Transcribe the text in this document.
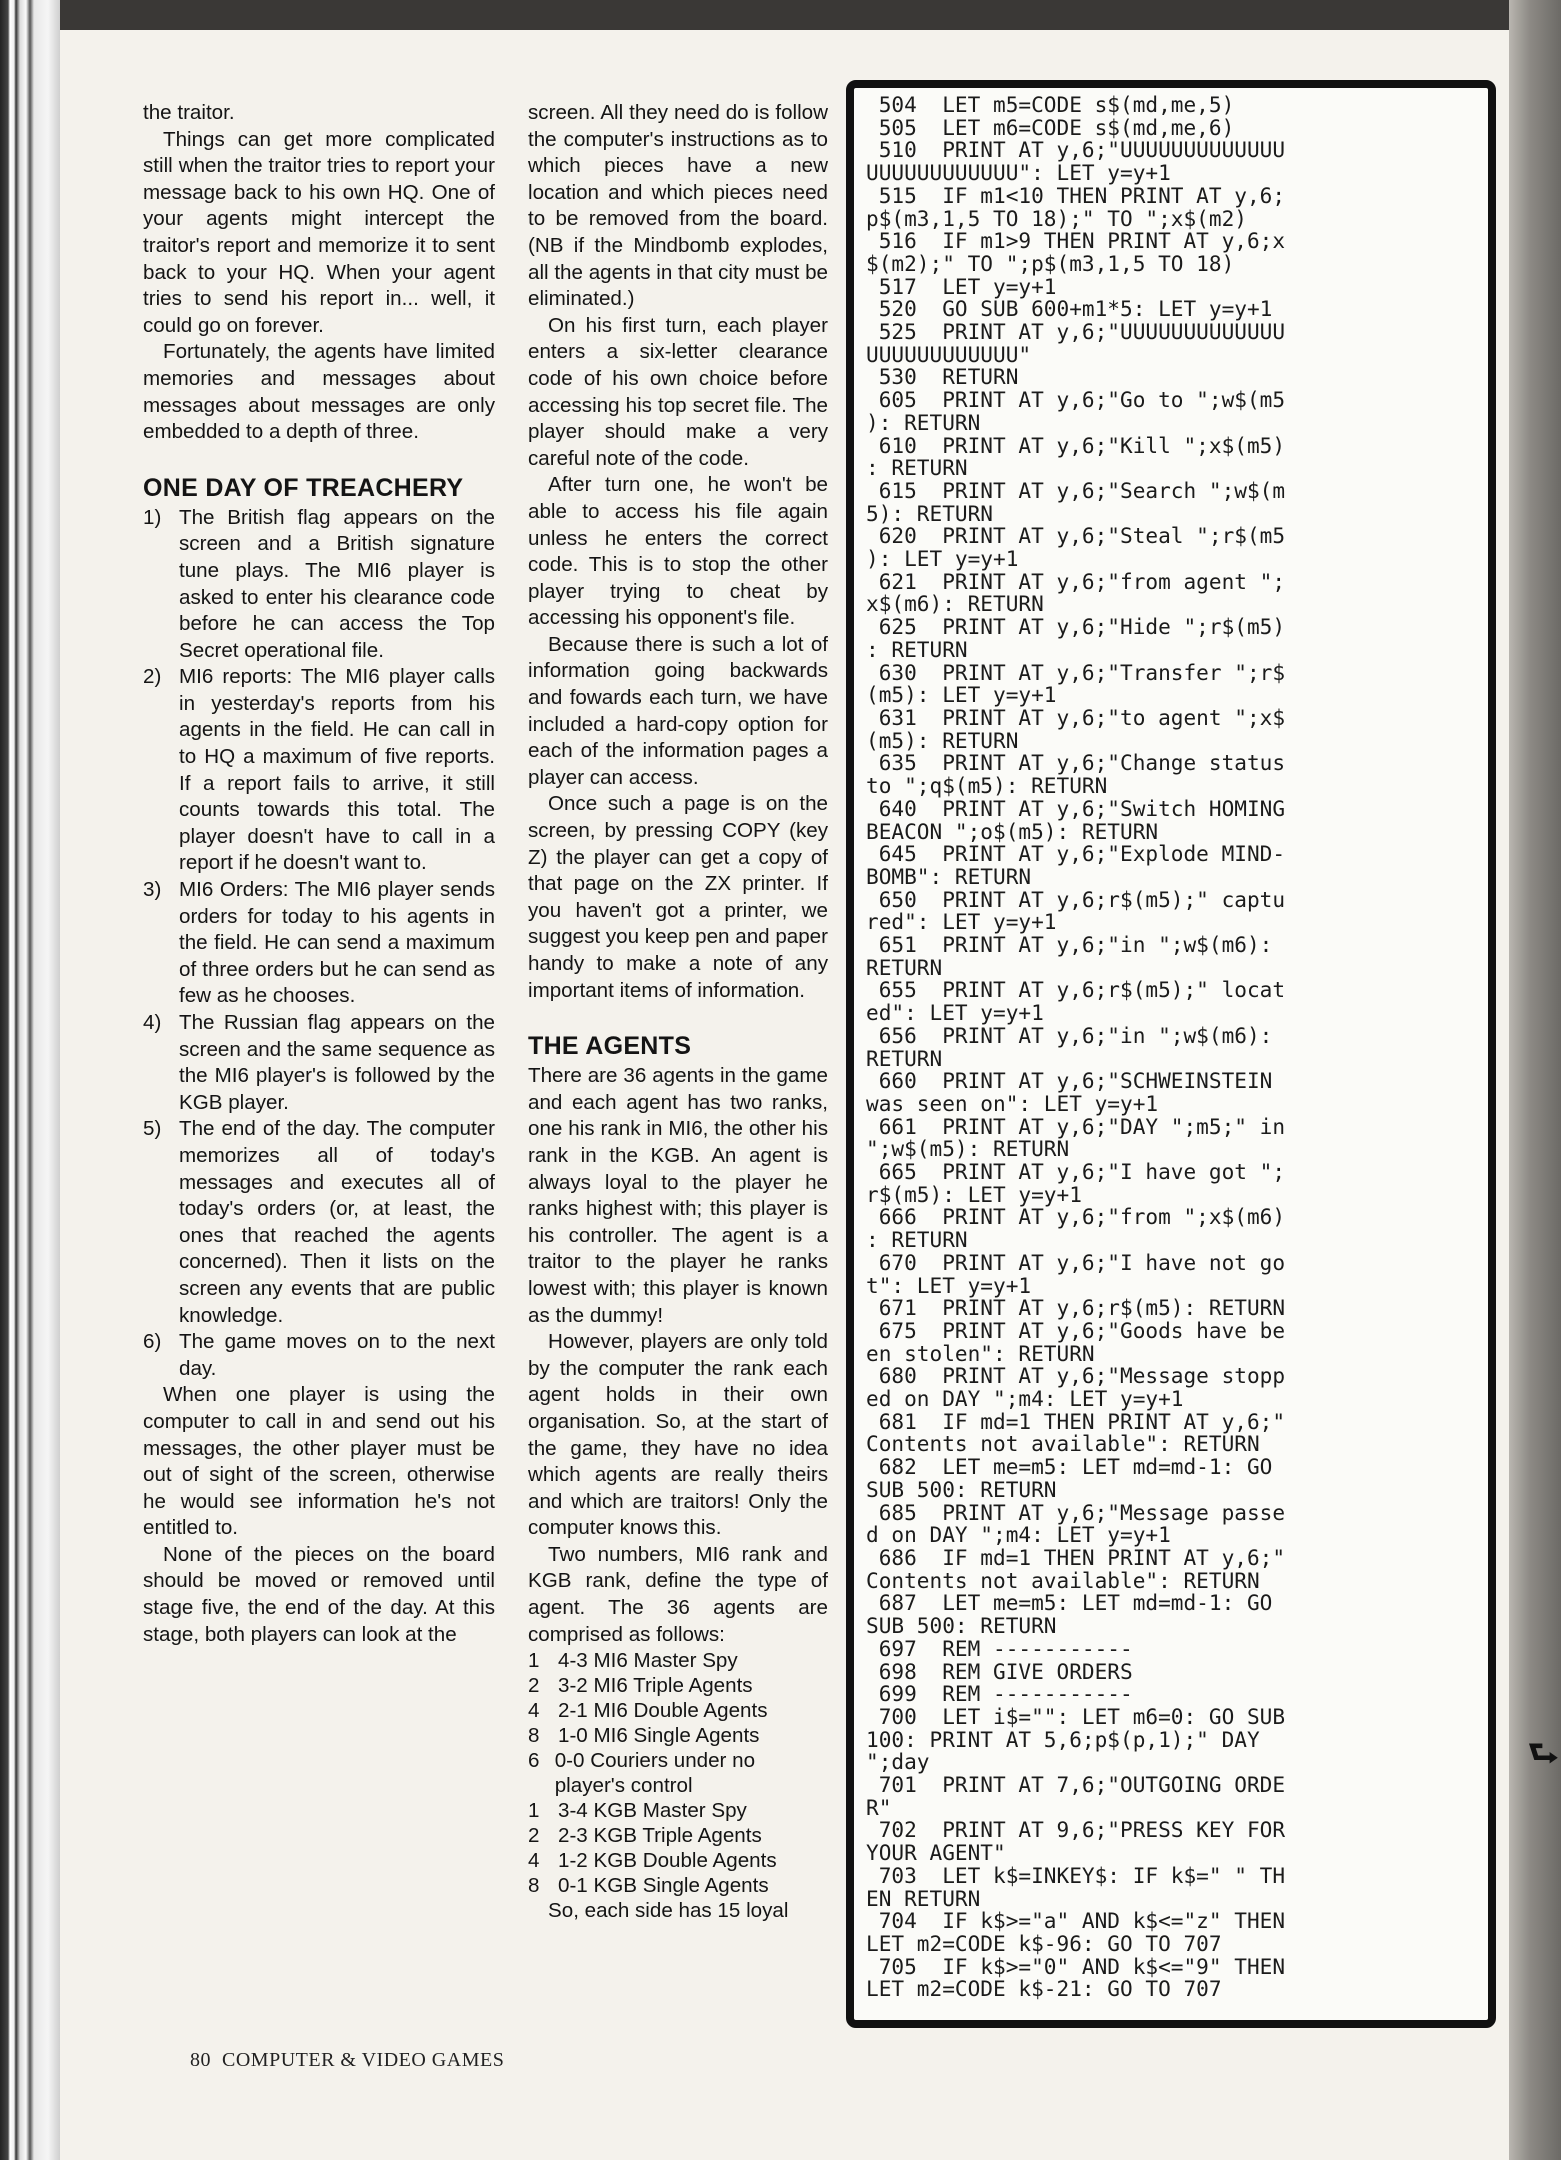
the traitor.

Things can get more complicated still when the traitor tries to report your message back to his own HQ. One of your agents might intercept the traitor's report and memorize it to sent back to your HQ. When your agent tries to send his report in... well, it could go on forever.

Fortunately, the agents have limited memories and messages about messages about messages are only embedded to a depth of three.

ONE DAY OF TREACHERY
1) The British flag appears on the screen and a British signature tune plays. The MI6 player is asked to enter his clearance code before he can access the Top Secret operational file.
2) MI6 reports: The MI6 player calls in yesterday's reports from his agents in the field. He can call in to HQ a maximum of five reports. If a report fails to arrive, it still counts towards this total. The player doesn't have to call in a report if he doesn't want to.
3) MI6 Orders: The MI6 player sends orders for today to his agents in the field. He can send a maximum of three orders but he can send as few as he chooses.
4) The Russian flag appears on the screen and the same sequence as the MI6 player's is followed by the KGB player.
5) The end of the day. The computer memorizes all of today's messages and executes all of today's orders (or, at least, the ones that reached the agents concerned). Then it lists on the screen any events that are public knowledge.
6) The game moves on to the next day.

When one player is using the computer to call in and send out his messages, the other player must be out of sight of the screen, otherwise he would see information he's not entitled to.

None of the pieces on the board should be moved or removed until stage five, the end of the day. At this stage, both players can look at the

screen. All they need do is follow the computer's instructions as to which pieces have a new location and which pieces need to be removed from the board. (NB if the Mindbomb explodes, all the agents in that city must be eliminated.)

On his first turn, each player enters a six-letter clearance code of his own choice before accessing his top secret file. The player should make a very careful note of the code.

After turn one, he won't be able to access his file again unless he enters the correct code. This is to stop the other player trying to cheat by accessing his opponent's file.

Because there is such a lot of information going backwards and fowards each turn, we have included a hard-copy option for each of the information pages a player can access.

Once such a page is on the screen, by pressing COPY (key Z) the player can get a copy of that page on the ZX printer. If you haven't got a printer, we suggest you keep pen and paper handy to make a note of any important items of information.

THE AGENTS

There are 36 agents in the game and each agent has two ranks, one his rank in MI6, the other his rank in the KGB. An agent is always loyal to the player he ranks highest with; this player is his controller. The agent is a traitor to the player he ranks lowest with; this player is known as the dummy!

However, players are only told by the computer the rank each agent holds in their own organisation. So, at the start of the game, they have no idea which agents are really theirs and which are traitors! Only the computer knows this.

Two numbers, MI6 rank and KGB rank, define the type of agent. The 36 agents are comprised as follows:

1 4-3 MI6 Master Spy
2 3-2 MI6 Triple Agents
4 2-1 MI6 Double Agents
8 1-0 MI6 Single Agents
6 0-0 Couriers under no player's control
1 3-4 KGB Master Spy
2 2-3 KGB Triple Agents
4 1-2 KGB Double Agents
8 0-1 KGB Single Agents

So, each side has 15 loyal

504  LET m5=CODE s$(md,me,5)
505  LET m6=CODE s$(md,me,6)
510  PRINT AT y,6;"UUUUUUUUUUUUU
UUUUUUUUUUUU": LET y=y+1
515  IF m1<10 THEN PRINT AT y,6;
p$(m3,1,5 TO 18);" TO ";x$(m2)
516  IF m1>9 THEN PRINT AT y,6;x
$(m2);" TO ";p$(m3,1,5 TO 18)
517  LET y=y+1
520  GO SUB 600+m1*5: LET y=y+1
525  PRINT AT y,6;"UUUUUUUUUUUUU
UUUUUUUUUUUU"
530  RETURN
605  PRINT AT y,6;"Go to ";w$(m5
): RETURN
610  PRINT AT y,6;"Kill ";x$(m5)
: RETURN
615  PRINT AT y,6;"Search ";w$(m
5): RETURN
620  PRINT AT y,6;"Steal ";r$(m5
): LET y=y+1
621  PRINT AT y,6;"from agent ";
x$(m6): RETURN
625  PRINT AT y,6;"Hide ";r$(m5)
: RETURN
630  PRINT AT y,6;"Transfer ";r$
(m5): LET y=y+1
631  PRINT AT y,6;"to agent ";x$
(m5): RETURN
635  PRINT AT y,6;"Change status
to ";q$(m5): RETURN
640  PRINT AT y,6;"Switch HOMING
BEACON ";o$(m5): RETURN
645  PRINT AT y,6;"Explode MIND-
BOMB": RETURN
650  PRINT AT y,6;r$(m5);" captu
red": LET y=y+1
651  PRINT AT y,6;"in ";w$(m6):
RETURN
655  PRINT AT y,6;r$(m5);" locat
ed": LET y=y+1
656  PRINT AT y,6;"in ";w$(m6):
RETURN
660  PRINT AT y,6;"SCHWEINSTEIN
was seen on": LET y=y+1
661  PRINT AT y,6;"DAY ";m5;" in
";w$(m5): RETURN
665  PRINT AT y,6;"I have got ";
r$(m5): LET y=y+1
666  PRINT AT y,6;"from ";x$(m6)
: RETURN
670  PRINT AT y,6;"I have not go
t": LET y=y+1
671  PRINT AT y,6;r$(m5): RETURN
675  PRINT AT y,6;"Goods have be
en stolen": RETURN
680  PRINT AT y,6;"Message stopp
ed on DAY ";m4: LET y=y+1
681  IF md=1 THEN PRINT AT y,6;"
Contents not available": RETURN
682  LET me=m5: LET md=md-1: GO
SUB 500: RETURN
685  PRINT AT y,6;"Message passe
d on DAY ";m4: LET y=y+1
686  IF md=1 THEN PRINT AT y,6;"
Contents not available": RETURN
687  LET me=m5: LET md=md-1: GO
SUB 500: RETURN
697  REM -----------
698  REM GIVE ORDERS
699  REM -----------
700  LET i$="": LET m6=0: GO SUB
100: PRINT AT 5,6;p$(p,1);" DAY
";day
701  PRINT AT 7,6;"OUTGOING ORDE
R"
702  PRINT AT 9,6;"PRESS KEY FOR
YOUR AGENT"
703  LET k$=INKEY$: IF k$=" " TH
EN RETURN
704  IF k$>="a" AND k$<="z" THEN
LET m2=CODE k$-96: GO TO 707
705  IF k$>="0" AND k$<="9" THEN
LET m2=CODE k$-21: GO TO 707

80 COMPUTER & VIDEO GAMES
⮑
